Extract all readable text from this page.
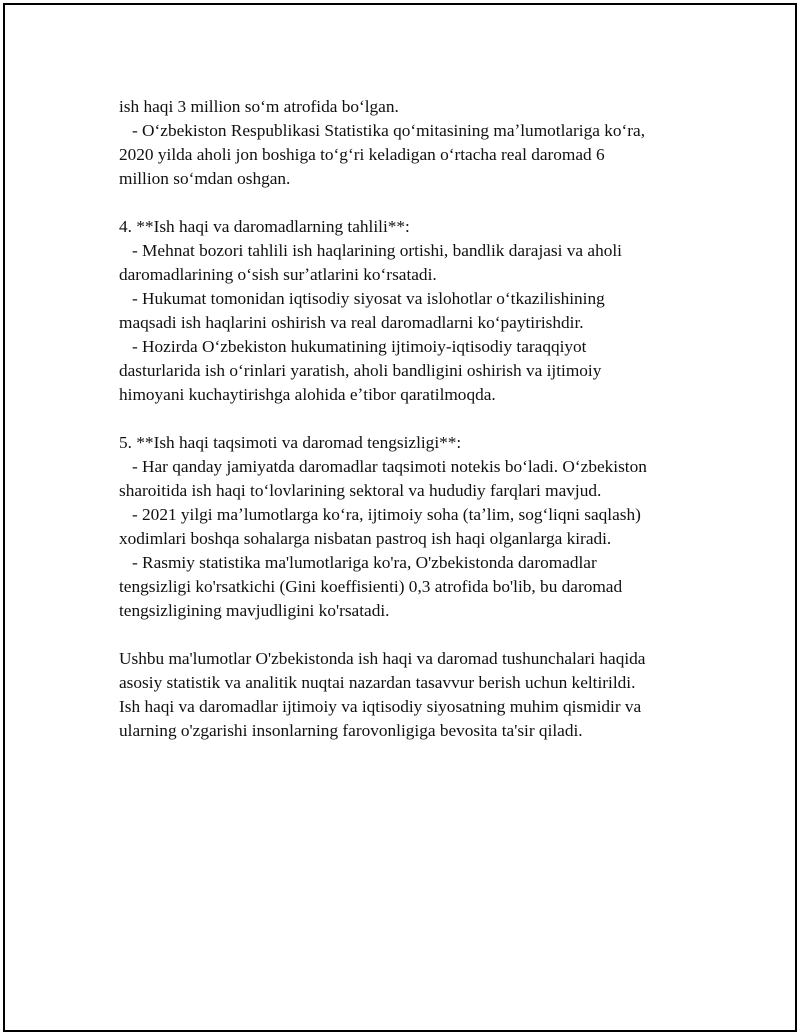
ish haqi 3 million soʻm atrofida boʻlgan.
- Oʻzbekiston Respublikasi Statistika qoʻmitasining maʼlumotlariga koʻra,
2020 yilda aholi jon boshiga toʻgʻri keladigan oʻrtacha real daromad 6
million soʻmdan oshgan.
4. **Ish haqi va daromadlarning tahlili**:
- Mehnat bozori tahlili ish haqlarining ortishi, bandlik darajasi va aholi
daromadlarining oʻsish surʼatlarini koʻrsatadi.
- Hukumat tomonidan iqtisodiy siyosat va islohotlar oʻtkazilishining
maqsadi ish haqlarini oshirish va real daromadlarni koʻpaytirishdir.
- Hozirda Oʻzbekiston hukumatining ijtimoiy-iqtisodiy taraqqiyot
dasturlarida ish oʻrinlari yaratish, aholi bandligini oshirish va ijtimoiy
himoyani kuchaytirishga alohida eʼtibor qaratilmoqda.
5. **Ish haqi taqsimoti va daromad tengsizligi**:
- Har qanday jamiyatda daromadlar taqsimoti notekis boʻladi. Oʻzbekiston
sharoitida ish haqi toʻlovlarining sektoral va hududiy farqlari mavjud.
- 2021 yilgi maʼlumotlarga koʻra, ijtimoiy soha (taʼlim, sogʻliqni saqlash)
xodimlari boshqa sohalarga nisbatan pastroq ish haqi olganlarga kiradi.
- Rasmiy statistika ma'lumotlariga ko'ra, O'zbekistonda daromadlar
tengsizligi ko'rsatkichi (Gini koeffisienti) 0,3 atrofida bo'lib, bu daromad
tengsizligining mavjudligini ko'rsatadi.
Ushbu ma'lumotlar O'zbekistonda ish haqi va daromad tushunchalari haqida
asosiy statistik va analitik nuqtai nazardan tasavvur berish uchun keltirildi.
Ish haqi va daromadlar ijtimoiy va iqtisodiy siyosatning muhim qismidir va
ularning o'zgarishi insonlarning farovonligiga bevosita ta'sir qiladi.
